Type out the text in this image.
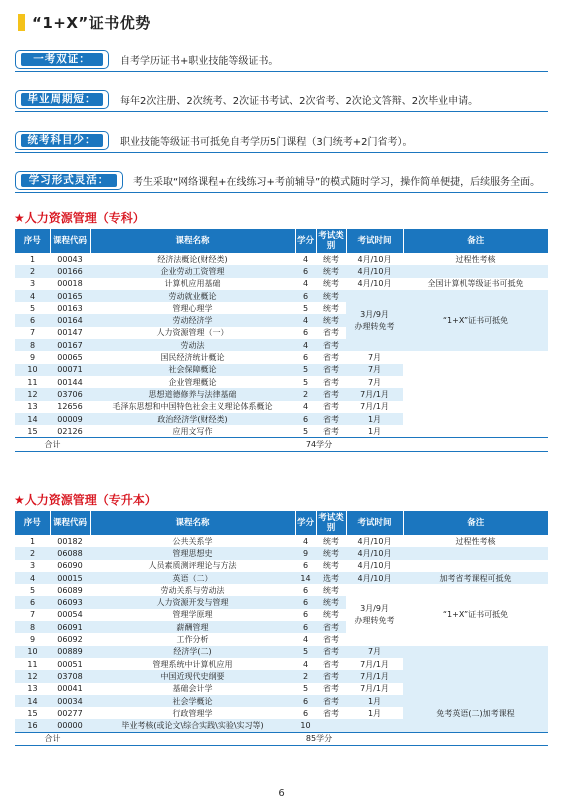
“1+X”证书优势
一考双证：	自考学历证书+职业技能等级证书。
毕业周期短：	每年2次注册、2次统考、2次证书考试、2次省考、2次论文答辩、2次毕业申请。
统考科目少：	职业技能等级证书可抵免自考学历5门课程（3门统考+2门省考）。
学习形式灵活：	考生采取“网络课程+在线练习+考前辅导”的模式随时学习，操作简单便捷，后续服务全面。
★人力资源管理（专科）
序号	课程代码	课程名称	学分	考试类别	考试时间	备注
1	00043	经济法概论(财经类)	4	统考	4月/10月	过程性考核
2	00166	企业劳动工资管理	6	统考	4月/10月	
3	00018	计算机应用基础	4	统考	4月/10月	全国计算机等级证书可抵免
4	00165	劳动就业概论	6	统考	3月/9月
办理转免考	“1+X”证书可抵免
5	00163	管理心理学	5	统考		
6	00164	劳动经济学	4	统考		
7	00147	人力资源管理（一）	6	省考		
8	00167	劳动法	4	省考		
9	00065	国民经济统计概论	6	省考	7月	
10	00071	社会保障概论	5	省考	7月	
11	00144	企业管理概论	5	省考	7月	
12	03706	思想道德修养与法律基础	2	省考	7月/1月	
13	12656	毛泽东思想和中国特色社会主义理论体系概论	4	省考	7月/1月	
14	00009	政治经济学(财经类)	6	省考	1月	
15	02126	应用文写作	5	省考	1月	
合计		74学分				
★人力资源管理（专升本）
序号	课程代码	课程名称	学分	考试类别	考试时间	备注
1	00182	公共关系学	4	统考	4月/10月	过程性考核
2	06088	管理思想史	9	统考	4月/10月	
3	06090	人员素质测评理论与方法	6	统考	4月/10月	
4	00015	英语（二）	14	选考	4月/10月	加考省考课程可抵免
5	06089	劳动关系与劳动法	6	统考	3月/9月
办理转免考	“1+X”证书可抵免
6	06093	人力资源开发与管理	6	统考		
7	00054	管理学原理	6	统考		
8	06091	薪酬管理	6	省考		
9	06092	工作分析	4	省考		
10	00889	经济学(二)	5	省考	7月	
11	00051	管理系统中计算机应用	4	省考	7月/1月	
12	03708	中国近现代史纲要	2	省考	7月/1月	
13	00041	基础会计学	5	省考	7月/1月	
14	00034	社会学概论	6	省考	1月	免考英语(二)加考课程
15	00277	行政管理学	6	省考	1月	
16	00000	毕业考核(或论文\综合实践\实验\实习等)	10			
合计		85学分				
6
